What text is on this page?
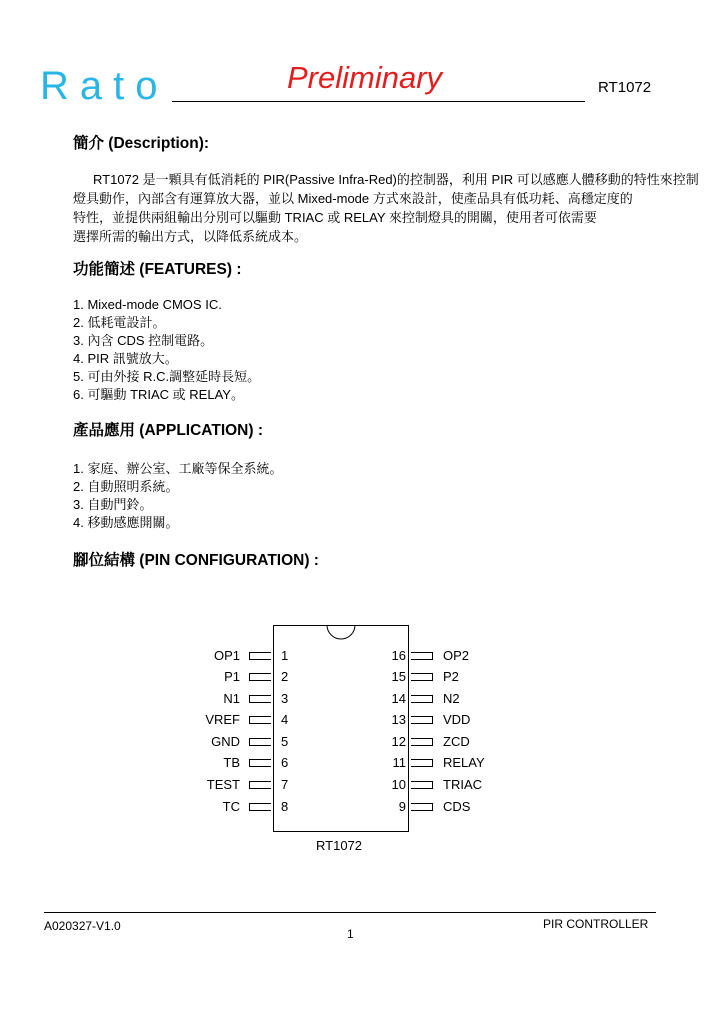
Rato	Preliminary	RT1072
簡介 (Description):
RT1072 是一顆具有低消耗的 PIR(Passive Infra-Red)的控制器，利用 PIR 可以感應人體移動的特性來控制
燈具動作，內部含有運算放大器，並以 Mixed-mode 方式來設計，使產品具有低功耗、高穩定度的
特性，並提供兩組輸出分別可以驅動 TRIAC 或 RELAY 來控制燈具的開關，使用者可依需要
選擇所需的輸出方式，以降低系統成本。
功能簡述 (FEATURES) :
1. Mixed-mode CMOS IC.
2. 低耗電設計。
3. 內含 CDS 控制電路。
4. PIR 訊號放大。
5. 可由外接 R.C.調整延時長短。
6. 可驅動 TRIAC 或 RELAY。
產品應用 (APPLICATION) :
1. 家庭、辦公室、工廠等保全系統。
2. 自動照明系統。
3. 自動門鈴。
4. 移動感應開關。
腳位結構 (PIN CONFIGURATION) :
RT1072
OP1	1
P1	2
N1	3
VREF	4
GND	5
TB	6
TEST	7
TC	8
16	OP2
15	P2
14	N2
13	VDD
12	ZCD
11	RELAY
10	TRIAC
9	CDS
A020327-V1.0
1
PIR CONTROLLER
